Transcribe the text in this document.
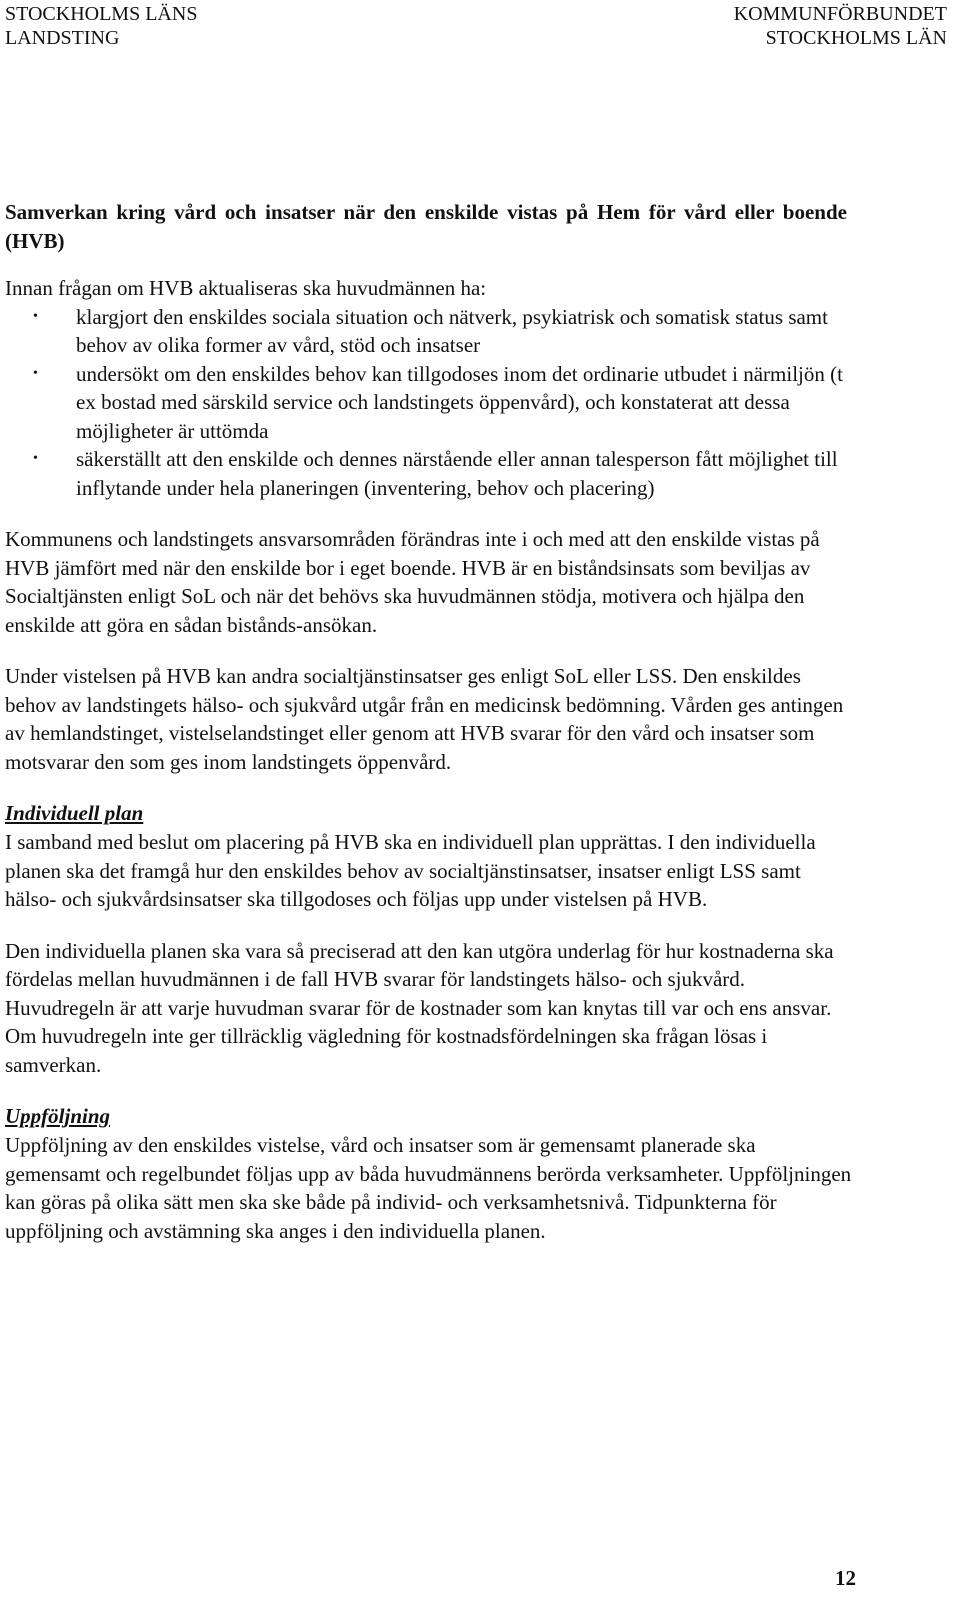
STOCKHOLMS LÄNS
LANDSTING
KOMMUNFÖRBUNDET
STOCKHOLMS LÄN
Samverkan kring vård och insatser när den enskilde vistas på Hem för vård eller boende (HVB)

Innan frågan om HVB aktualiseras ska huvudmännen ha:

• klargjort den enskildes sociala situation och nätverk, psykiatrisk och somatisk status samt behov av olika former av vård, stöd och insatser
• undersökt om den enskildes behov kan tillgodoses inom det ordinarie utbudet i närmiljön (t ex bostad med särskild service och landstingets öppenvård), och konstaterat att dessa möjligheter är uttömda
• säkerställt att den enskilde och dennes närstående eller annan talesperson fått möjlighet till inflytande under hela planeringen (inventering, behov och placering)

Kommunens och landstingets ansvarsområden förändras inte i och med att den enskilde vistas på HVB jämfört med när den enskilde bor i eget boende. HVB är en biståndsinsats som beviljas av Socialtjänsten enligt SoL och när det behövs ska huvudmännen stödja, motivera och hjälpa den enskilde att göra en sådan bistånds-ansökan.

Under vistelsen på HVB kan andra socialtjänstinsatser ges enligt SoL eller LSS. Den enskildes behov av landstingets hälso- och sjukvård utgår från en medicinsk bedömning. Vården ges antingen av hemlandstinget, vistelselandstinget eller genom att HVB svarar för den vård och insatser som motsvarar den som ges inom landstingets öppenvård.

Individuell plan

I samband med beslut om placering på HVB ska en individuell plan upprättas. I den individuella planen ska det framgå hur den enskildes behov av socialtjänstinsatser, insatser enligt LSS samt hälso- och sjukvårdsinsatser ska tillgodoses och följas upp under vistelsen på HVB.

Den individuella planen ska vara så preciserad att den kan utgöra underlag för hur kostnaderna ska fördelas mellan huvudmännen i de fall HVB svarar för landstingets hälso- och sjukvård. Huvudregeln är att varje huvudman svarar för de kostnader som kan knytas till var och ens ansvar. Om huvudregeln inte ger tillräcklig vägledning för kostnadsfördelningen ska frågan lösas i samverkan.

Uppföljning

Uppföljning av den enskildes vistelse, vård och insatser som är gemensamt planerade ska gemensamt och regelbundet följas upp av båda huvudmännens berörda verksamheter. Uppföljningen kan göras på olika sätt men ska ske både på individ- och verksamhetsnivå. Tidpunkterna för uppföljning och avstämning ska anges i den individuella planen.

12
